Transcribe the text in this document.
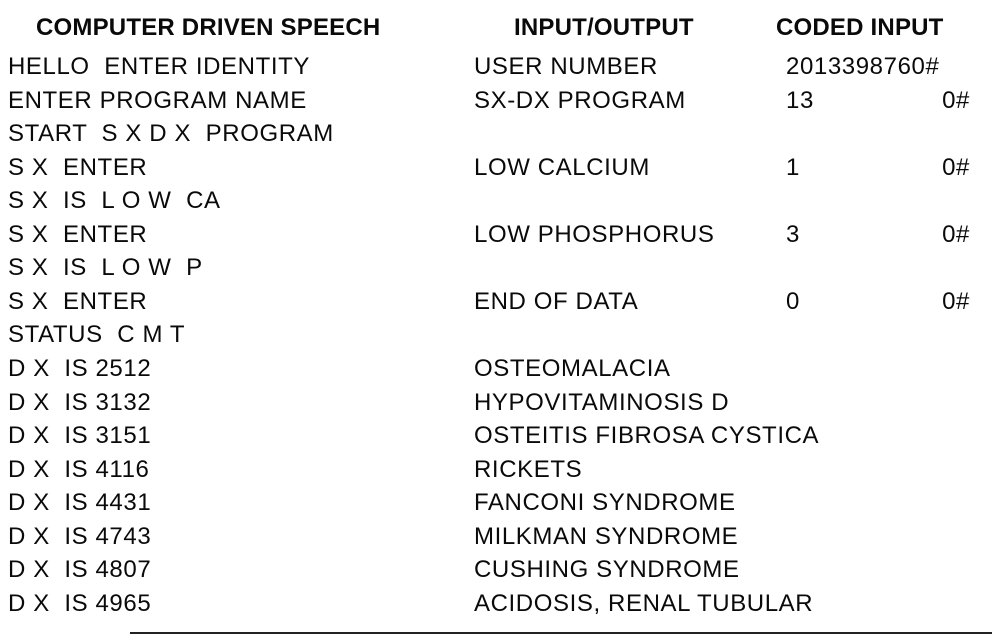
COMPUTER DRIVEN SPEECH	INPUT/OUTPUT	CODED INPUT
HELLO  ENTER IDENTITY	USER NUMBER	2013398760#
ENTER PROGRAM NAME	SX-DX PROGRAM	13	0#
START  S X D X  PROGRAM
S X  ENTER	LOW CALCIUM	1	0#
S X  IS  L O W  CA
S X  ENTER	LOW PHOSPHORUS	3	0#
S X  IS  L O W  P
S X  ENTER	END OF DATA	0	0#
STATUS  C M T
D X  IS 2512	OSTEOMALACIA
D X  IS 3132	HYPOVITAMINOSIS D
D X  IS 3151	OSTEITIS FIBROSA CYSTICA
D X  IS 4116	RICKETS
D X  IS 4431	FANCONI SYNDROME
D X  IS 4743	MILKMAN SYNDROME
D X  IS 4807	CUSHING SYNDROME
D X  IS 4965	ACIDOSIS, RENAL TUBULAR
